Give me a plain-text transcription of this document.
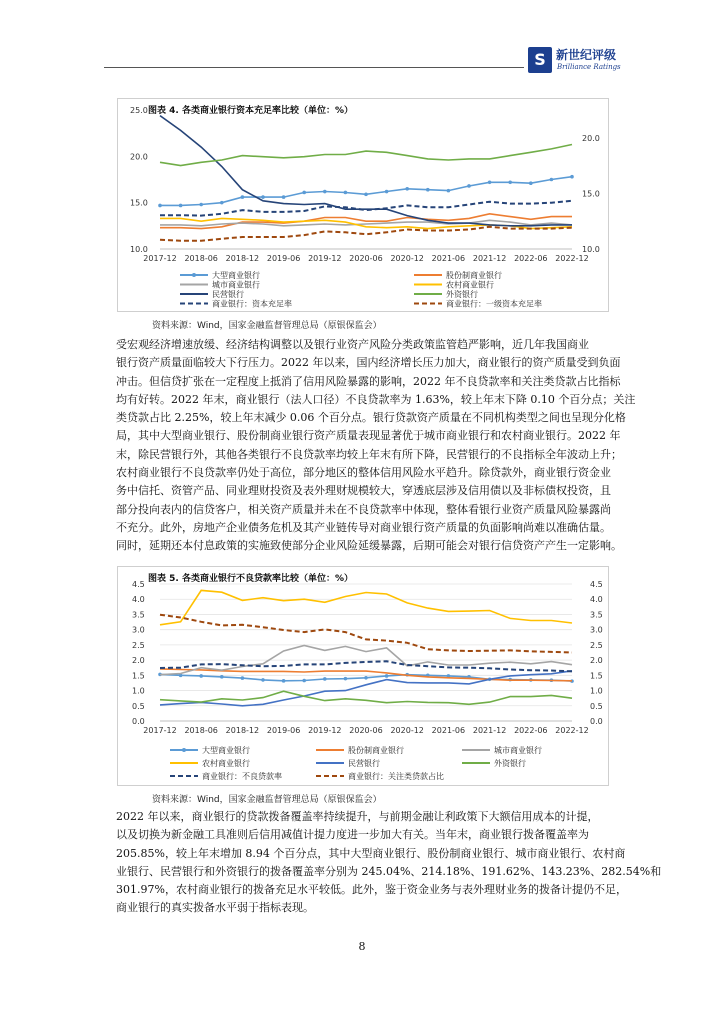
S 新世纪评级
Brilliance Ratings
图表 4. 各类商业银行资本充足率比较（单位：%）
10.0
15.0
20.0
25.0
10.0
15.0
20.0
2017-12 2018-06 2018-12 2019-06 2019-12 2020-06 2020-12 2021-06 2021-12 2022-06 2022-12
大型商业银行	股份制商业银行
城市商业银行	农村商业银行
民营银行	外资银行
商业银行：资本充足率	商业银行：一级资本充足率
资料来源：Wind，国家金融监督管理总局（原银保监会）
受宏观经济增速放缓、经济结构调整以及银行业资产风险分类政策监管趋严影响，近几年我国商业
银行资产质量面临较大下行压力。2022 年以来，国内经济增长压力加大，商业银行的资产质量受到负面
冲击。但信贷扩张在一定程度上抵消了信用风险暴露的影响，2022 年不良贷款率和关注类贷款占比指标
均有好转。2022 年末，商业银行（法人口径）不良贷款率为 1.63%，较上年末下降 0.10 个百分点；关注
类贷款占比 2.25%，较上年末减少 0.06 个百分点。银行贷款资产质量在不同机构类型之间也呈现分化格
局，其中大型商业银行、股份制商业银行资产质量表现显著优于城市商业银行和农村商业银行。2022 年
末，除民营银行外，其他各类银行不良贷款率均较上年末有所下降，民营银行的不良指标全年波动上升；
农村商业银行不良贷款率仍处于高位，部分地区的整体信用风险水平趋升。除贷款外，商业银行资金业
务中信托、资管产品、同业理财投资及表外理财规模较大，穿透底层涉及信用债以及非标债权投资，且
部分投向表内的信贷客户，相关资产质量并未在不良贷款率中体现，整体看银行业资产质量风险暴露尚
不充分。此外，房地产企业债务危机及其产业链传导对商业银行资产质量的负面影响尚难以准确估量。
同时，延期还本付息政策的实施致使部分企业风险延缓暴露，后期可能会对银行信贷资产产生一定影响。
图表 5. 各类商业银行不良贷款率比较（单位：%）
0.0
0.5
1.0
1.5
2.0
2.5
3.0
3.5
4.0
4.5
0.0
0.5
1.0
1.5
2.0
2.5
3.0
3.5
4.0
4.5
2017-12 2018-06 2018-12 2019-06 2019-12 2020-06 2020-12 2021-06 2021-12 2022-06 2022-12
大型商业银行	股份制商业银行	城市商业银行
农村商业银行	民营银行	外资银行
商业银行：不良贷款率	商业银行：关注类贷款占比
资料来源：Wind，国家金融监督管理总局（原银保监会）
2022 年以来，商业银行的贷款拨备覆盖率持续提升，与前期金融让利政策下大额信用成本的计提，
以及切换为新金融工具准则后信用减值计提力度进一步加大有关。当年末，商业银行拨备覆盖率为
205.85%，较上年末增加 8.94 个百分点，其中大型商业银行、股份制商业银行、城市商业银行、农村商
业银行、民营银行和外资银行的拨备覆盖率分别为 245.04%、214.18%、191.62%、143.23%、282.54%和
301.97%，农村商业银行的拨备充足水平较低。此外，鉴于资金业务与表外理财业务的拨备计提仍不足，
商业银行的真实拨备水平弱于指标表现。
8
